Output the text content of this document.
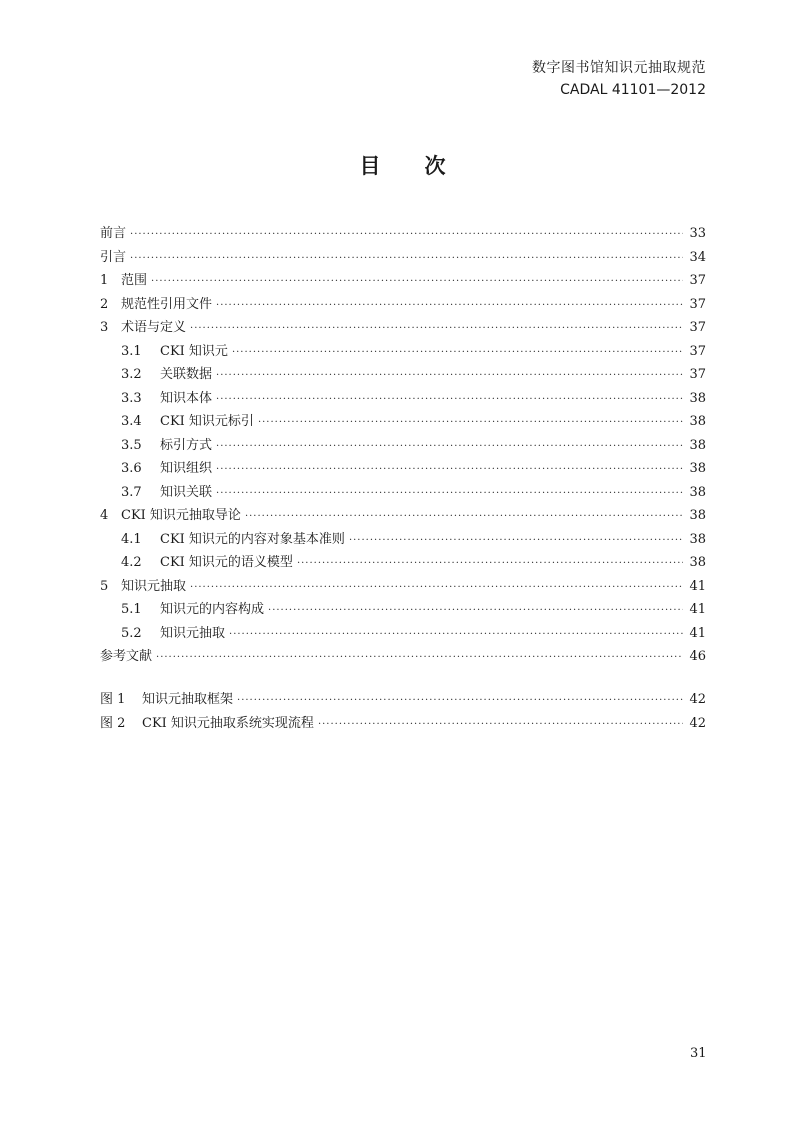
数字图书馆知识元抽取规范
CADAL 41101—2012
目 次
前言 ·····	33
引言 ·····	34
1 范围 ·····	37
2 规范性引用文件 ·····	37
3 术语与定义 ·····	37
3.1	CKI 知识元 ·····	37
3.2	关联数据 ·····	37
3.3	知识本体 ·····	38
3.4	CKI 知识元标引 ·····	38
3.5	标引方式 ·····	38
3.6	知识组织 ·····	38
3.7	知识关联 ·····	38
4 CKI 知识元抽取导论 ·····	38
4.1	CKI 知识元的内容对象基本准则 ·····	38
4.2	CKI 知识元的语义模型 ·····	38
5 知识元抽取 ·····	41
5.1	知识元的内容构成 ·····	41
5.2	知识元抽取 ·····	41
参考文献 ·····	46
图 1	知识元抽取框架 ·····	42
图 2	CKI 知识元抽取系统实现流程 ·····	42
31
